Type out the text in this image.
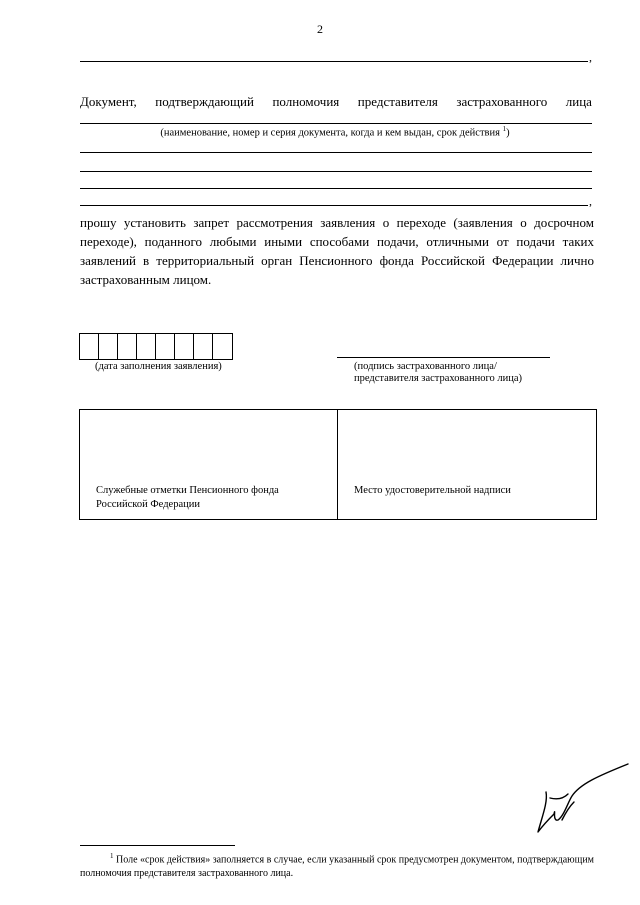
2
,
Документ, подтверждающий полномочия представителя застрахованного лица
(наименование, номер и серия документа, когда и кем выдан, срок действия $^1$)
,
прошу установить запрет рассмотрения заявления о переходе (заявления о досрочном переходе), поданного любыми иными способами подачи, отличными от подачи таких заявлений в территориальный орган Пенсионного фонда Российской Федерации лично застрахованным лицом.
(дата заполнения заявления)	(подпись застрахованного лица/
представителя застрахованного лица)
Служебные отметки Пенсионного фонда
Российской Федерации
Место удостоверительной надписи
$^1$ Поле «срок действия» заполняется в случае, если указанный срок предусмотрен документом, подтверждающим полномочия представителя застрахованного лица.
